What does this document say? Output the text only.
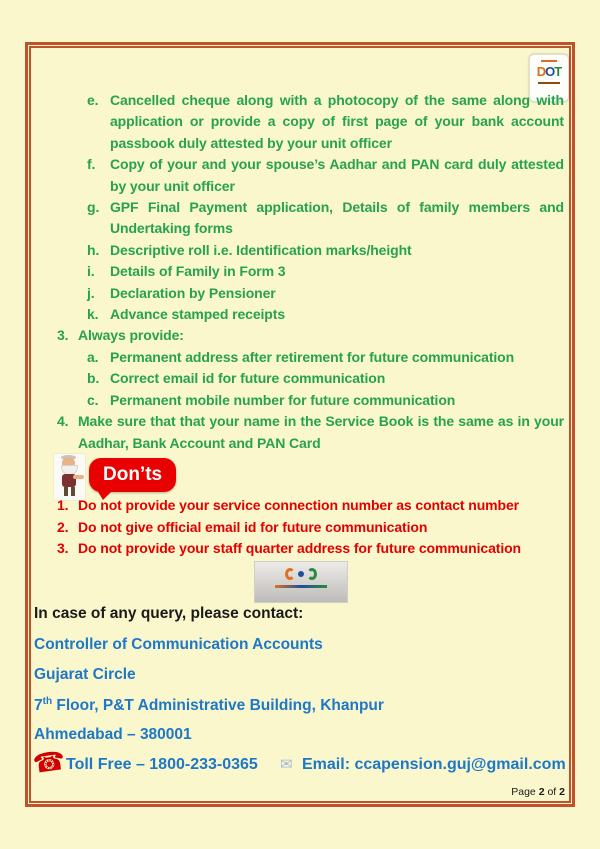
DOT
e. Cancelled cheque along with a photocopy of the same along with application or provide a copy of first page of your bank account passbook duly attested by your unit officer
f. Copy of your and your spouse’s Aadhar and PAN card duly attested by your unit officer
g. GPF Final Payment application, Details of family members and Undertaking forms
h. Descriptive roll i.e. Identification marks/height
i. Details of Family in Form 3
j. Declaration by Pensioner
k. Advance stamped receipts
3. Always provide:
a. Permanent address after retirement for future communication
b. Correct email id for future communication
c. Permanent mobile number for future communication
4. Make sure that that your name in the Service Book is the same as in your Aadhar, Bank Account and PAN Card
Don’ts
1. Do not provide your service connection number as contact number
2. Do not give official email id for future communication
3. Do not provide your staff quarter address for future communication
In case of any query, please contact:
Controller of Communication Accounts
Gujarat Circle
7th Floor, P&T Administrative Building, Khanpur
Ahmedabad – 380001
☎
Toll Free – 1800-233-0365 ✉ Email: ccapension.guj@gmail.com
Page 2 of 2
